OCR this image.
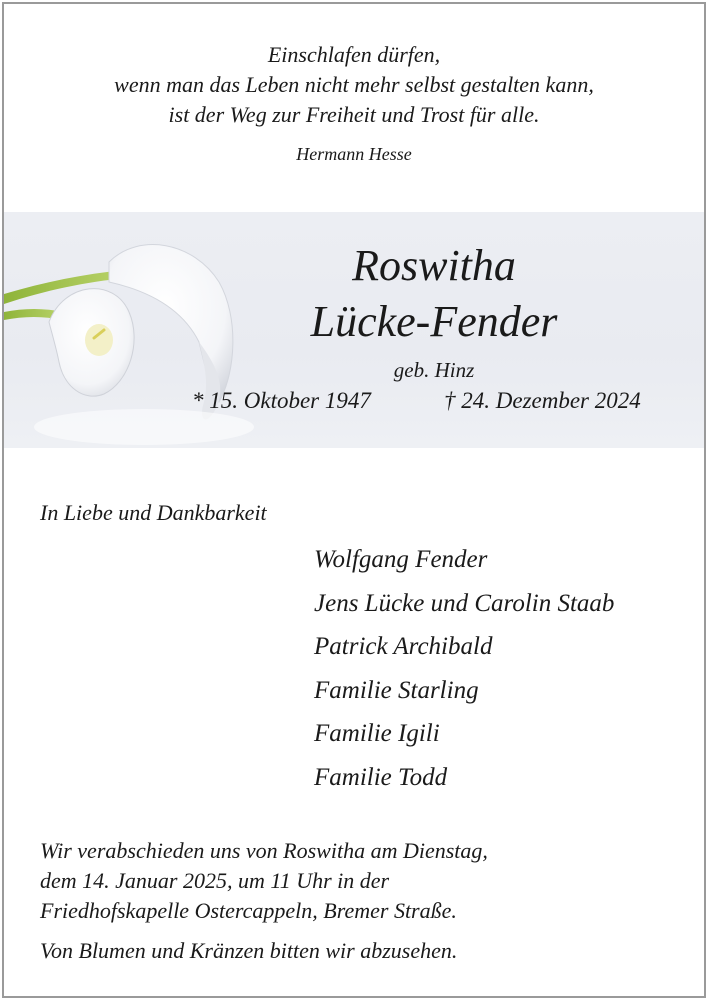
Einschlafen dürfen,
wenn man das Leben nicht mehr selbst gestalten kann,
ist der Weg zur Freiheit und Trost für alle.
Hermann Hesse
Roswitha
Lücke-Fender
geb. Hinz
* 15. Oktober 1947	† 24. Dezember 2024
In Liebe und Dankbarkeit
Wolfgang Fender
Jens Lücke und Carolin Staab
Patrick Archibald
Familie Starling
Familie Igili
Familie Todd
Wir verabschieden uns von Roswitha am Dienstag,
dem 14. Januar 2025, um 11 Uhr in der
Friedhofskapelle Ostercappeln, Bremer Straße.
Von Blumen und Kränzen bitten wir abzusehen.
